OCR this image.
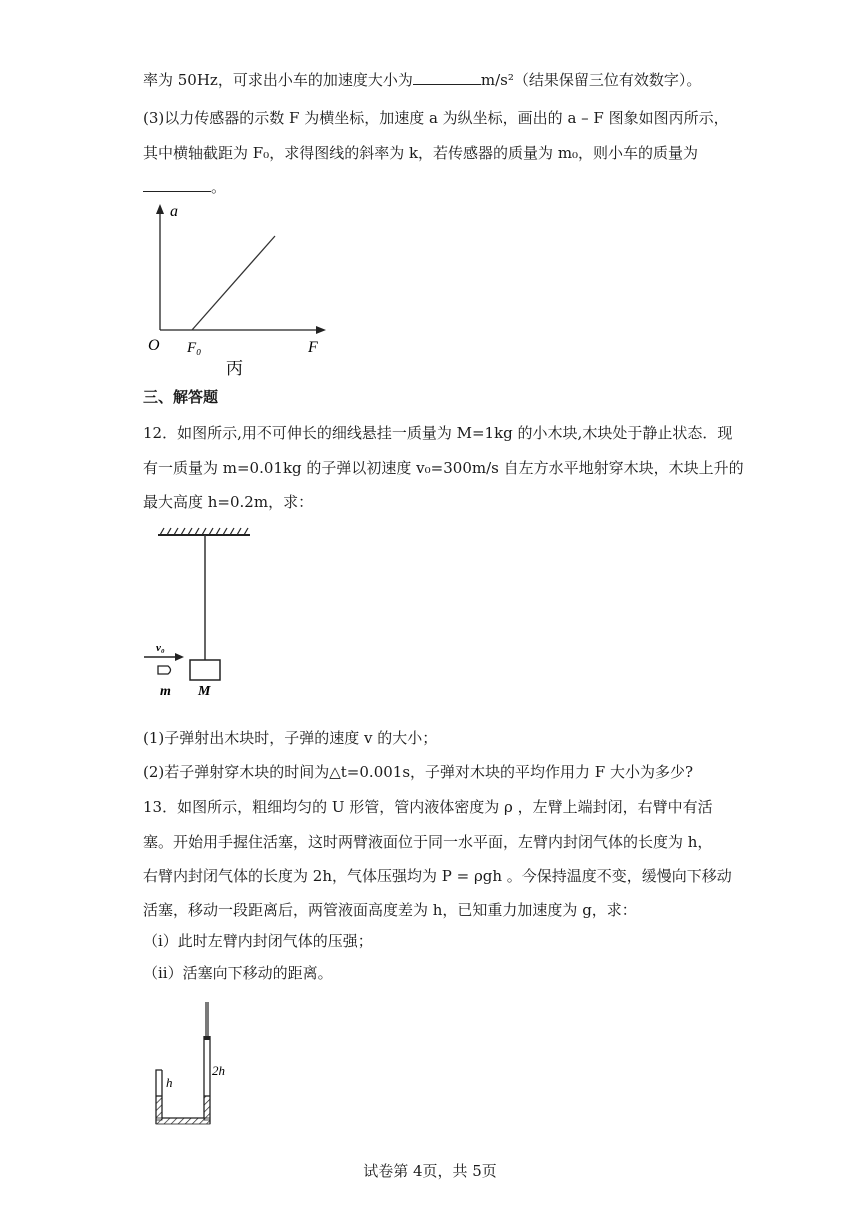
率为 50Hz，可求出小车的加速度大小为	m/s²（结果保留三位有效数字）。
(3)以力传感器的示数 F 为横坐标，加速度 a 为纵坐标，画出的 a – F 图象如图丙所示，
其中横轴截距为 F₀，求得图线的斜率为 k，若传感器的质量为 m₀，则小车的质量为
。
a
O F₀	F
丙
三、解答题
12．如图所示,用不可伸长的细线悬挂一质量为 M=1kg 的小木块,木块处于静止状态．现
有一质量为 m=0.01kg 的子弹以初速度 v₀=300m/s 自左方水平地射穿木块，木块上升的
最大高度 h=0.2m，求：
v₀
m M
(1)子弹射出木块时，子弹的速度 v 的大小；
(2)若子弹射穿木块的时间为△t=0.001s，子弹对木块的平均作用力 F 大小为多少?
13．如图所示，粗细均匀的 U 形管，管内液体密度为 ρ ，左臂上端封闭，右臂中有活
塞。开始用手握住活塞，这时两臂液面位于同一水平面，左臂内封闭气体的长度为 h，
右臂内封闭气体的长度为 2h，气体压强均为 P = ρgh 。今保持温度不变，缓慢向下移动
活塞，移动一段距离后，两管液面高度差为 h，已知重力加速度为 g，求：
（i）此时左臂内封闭气体的压强；
（ii）活塞向下移动的距离。
h
2h
试卷第 4页，共 5页
